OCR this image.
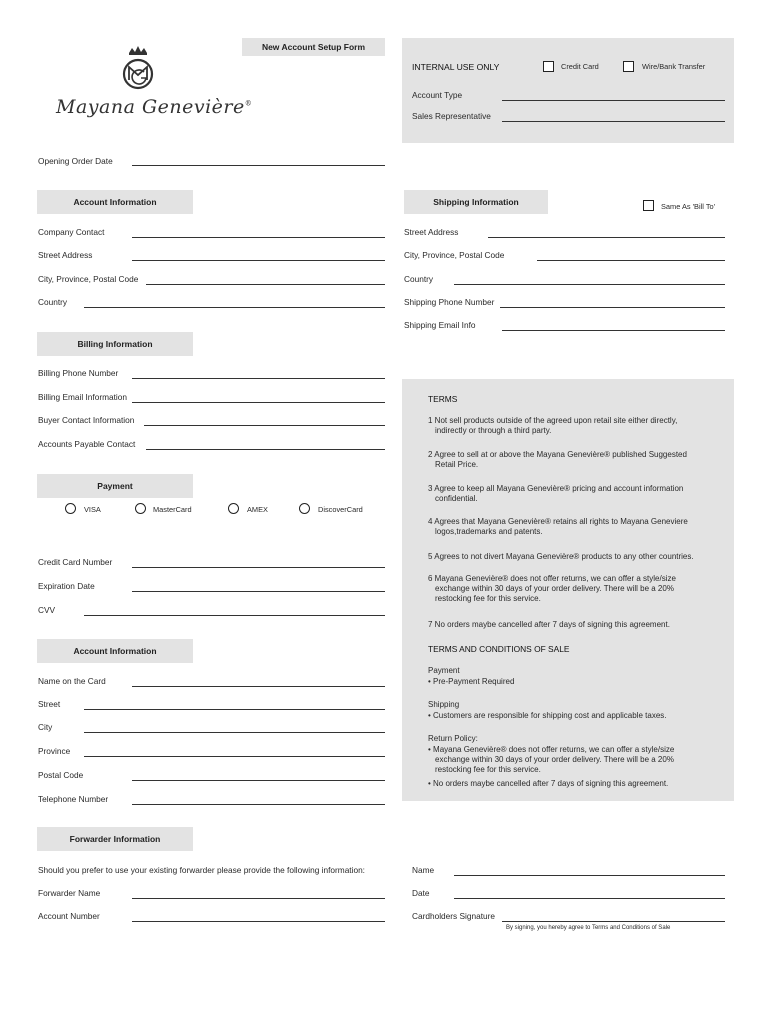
Mayana Genevière®
New Account Setup Form
INTERNAL USE ONLY	Credit Card	Wire/Bank Transfer
Account Type
Sales Representative
Opening Order Date
Account Information
Company Contact
Street Address
City, Province, Postal Code
Country
Shipping Information	Same As 'Bill To'
Street Address
City, Province, Postal Code
Country
Shipping Phone Number
Shipping Email Info
Billing Information
Billing Phone Number
Billing Email Information
Buyer Contact Information
Accounts Payable Contact
Payment
VISA	MasterCard	AMEX	DiscoverCard
Credit Card Number
Expiration Date
CVV
Account Information
Name on the Card
Street
City
Province
Postal Code
Telephone Number
TERMS
1 Not sell products outside of the agreed upon retail site either directly,
indirectly or through a third party.
2 Agree to sell at or above the Mayana Genevière® published Suggested
Retail Price.
3 Agree to keep all Mayana Genevière® pricing and account information
confidential.
4 Agrees that Mayana Genevière® retains all rights to Mayana Geneviere
logos,trademarks and patents.
5 Agrees to not divert Mayana Genevière® products to any other countries.
6 Mayana Genevière® does not offer returns, we can offer a style/size
exchange within 30 days of your order delivery. There will be a 20%
restocking fee for this service.
7 No orders maybe cancelled after 7 days of signing this agreement.
TERMS AND CONDITIONS OF SALE
Payment
• Pre-Payment Required
Shipping
• Customers are responsible for shipping cost and applicable taxes.
Return Policy:
• Mayana Genevière® does not offer returns, we can offer a style/size
exchange within 30 days of your order delivery. There will be a 20%
restocking fee for this service.
• No orders maybe cancelled after 7 days of signing this agreement.
Forwarder Information
Should you prefer to use your existing forwarder please provide the following information:
Forwarder Name
Account Number
Name
Date
Cardholders Signature
By signing, you hereby agree to Terms and Conditions of Sale
